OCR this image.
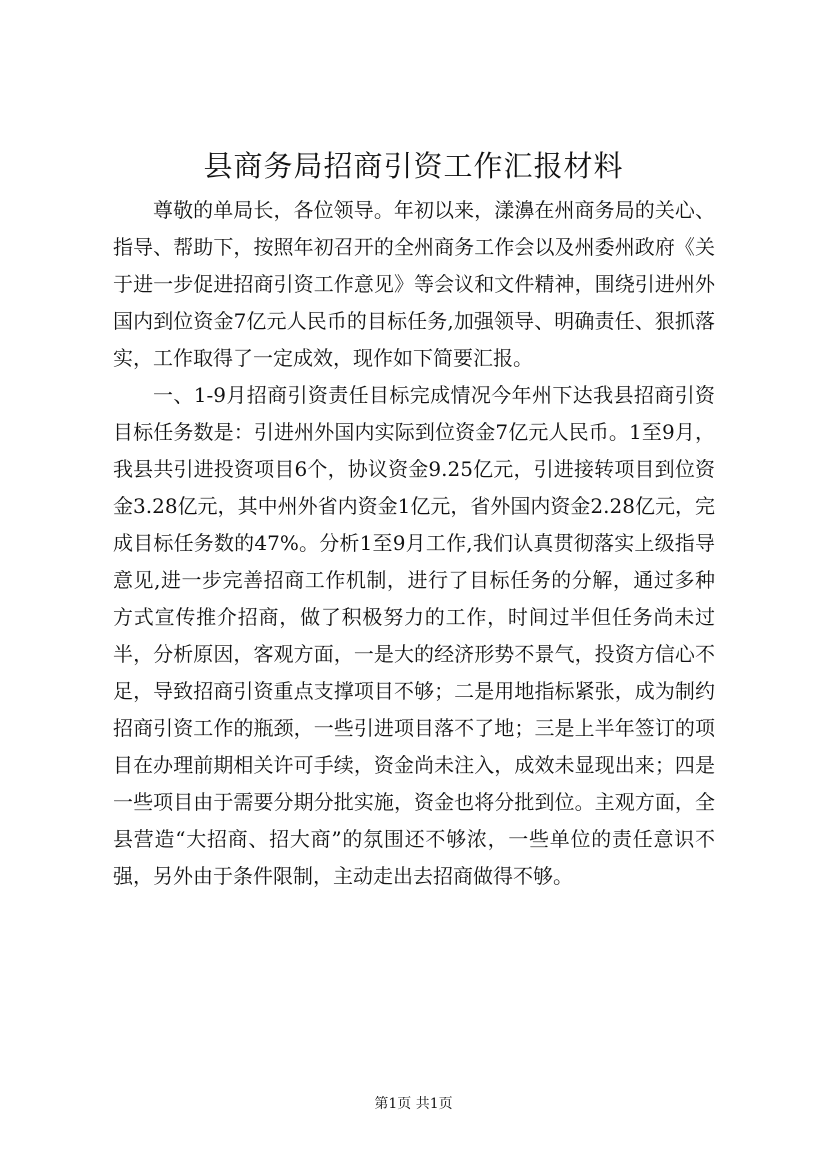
县商务局招商引资工作汇报材料

尊敬的单局长，各位领导。年初以来，漾濞在州商务局的关心、指导、帮助下，按照年初召开的全州商务工作会以及州委州政府《关于进一步促进招商引资工作意见》等会议和文件精神，围绕引进州外国内到位资金7亿元人民币的目标任务,加强领导、明确责任、狠抓落实，工作取得了一定成效，现作如下简要汇报。

一、1-9月招商引资责任目标完成情况今年州下达我县招商引资目标任务数是：引进州外国内实际到位资金7亿元人民币。1至9月，我县共引进投资项目6个，协议资金9.25亿元，引进接转项目到位资金3.28亿元，其中州外省内资金1亿元，省外国内资金2.28亿元，完成目标任务数的47%。分析1至9月工作,我们认真贯彻落实上级指导意见,进一步完善招商工作机制，进行了目标任务的分解，通过多种方式宣传推介招商，做了积极努力的工作，时间过半但任务尚未过半，分析原因，客观方面，一是大的经济形势不景气，投资方信心不足，导致招商引资重点支撑项目不够；二是用地指标紧张，成为制约招商引资工作的瓶颈，一些引进项目落不了地；三是上半年签订的项目在办理前期相关许可手续，资金尚未注入，成效未显现出来；四是一些项目由于需要分期分批实施，资金也将分批到位。主观方面，全县营造“大招商、招大商”的氛围还不够浓，一些单位的责任意识不强，另外由于条件限制，主动走出去招商做得不够。

第1页 共1页
